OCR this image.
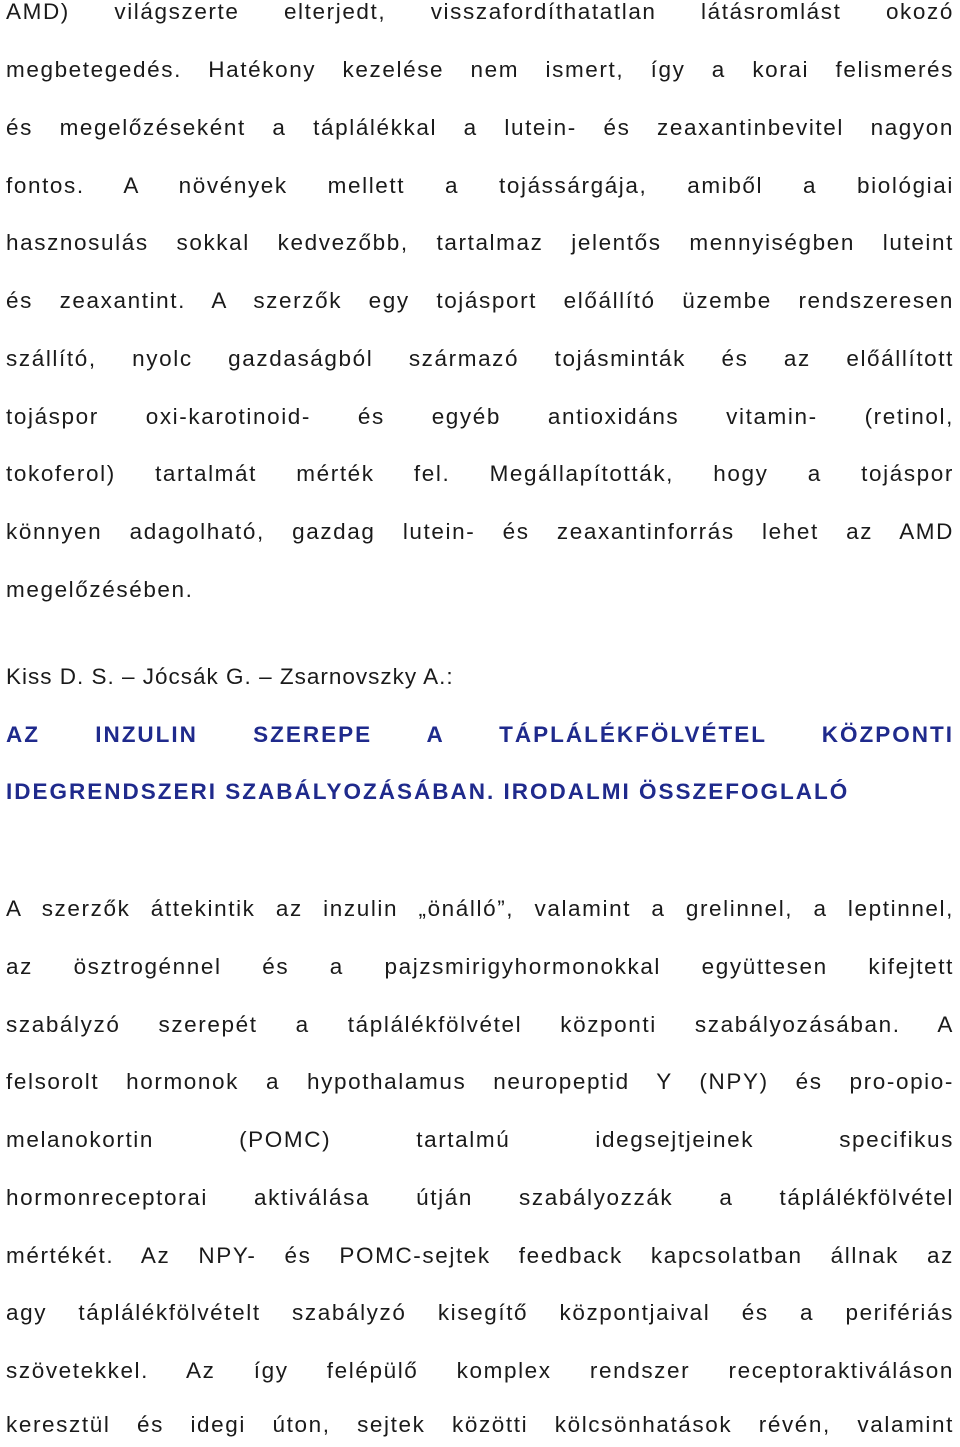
AMD) világszerte elterjedt, visszafordíthatatlan látásromlást okozó
megbetegedés. Hatékony kezelése nem ismert, így a korai felismerés
és megelőzéseként a táplálékkal a lutein- és zeaxantinbevitel nagyon
fontos. A növények mellett a tojássárgája, amiből a biológiai
hasznosulás sokkal kedvezőbb, tartalmaz jelentős mennyiségben luteint
és zeaxantint. A szerzők egy tojásport előállító üzembe rendszeresen
szállító, nyolc gazdaságból származó tojásminták és az előállított
tojáspor oxi-karotinoid- és egyéb antioxidáns vitamin- (retinol,
tokoferol) tartalmát mérték fel. Megállapították, hogy a tojáspor
könnyen adagolható, gazdag lutein- és zeaxantinforrás lehet az AMD
megelőzésében.
Kiss D. S. – Jócsák G. – Zsarnovszky A.:
AZ INZULIN SZEREPE A TÁPLÁLÉKFÖLVÉTEL KÖZPONTI
IDEGRENDSZERI SZABÁLYOZÁSÁBAN. IRODALMI ÖSSZEFOGLALÓ
A szerzők áttekintik az inzulin „önálló”, valamint a grelinnel, a leptinnel,
az ösztrogénnel és a pajzsmirigyhormonokkal együttesen kifejtett
szabályzó szerepét a táplálékfölvétel központi szabályozásában. A
felsorolt hormonok a hypothalamus neuropeptid Y (NPY) és pro-opio-
melanokortin (POMC) tartalmú idegsejtjeinek specifikus
hormonreceptorai aktiválása útján szabályozzák a táplálékfölvétel
mértékét. Az NPY- és POMC-sejtek feedback kapcsolatban állnak az
agy táplálékfölvételt szabályzó kisegítő központjaival és a perifériás
szövetekkel. Az így felépülő komplex rendszer receptoraktiváláson
keresztül és idegi úton, sejtek közötti kölcsönhatások révén, valamint
